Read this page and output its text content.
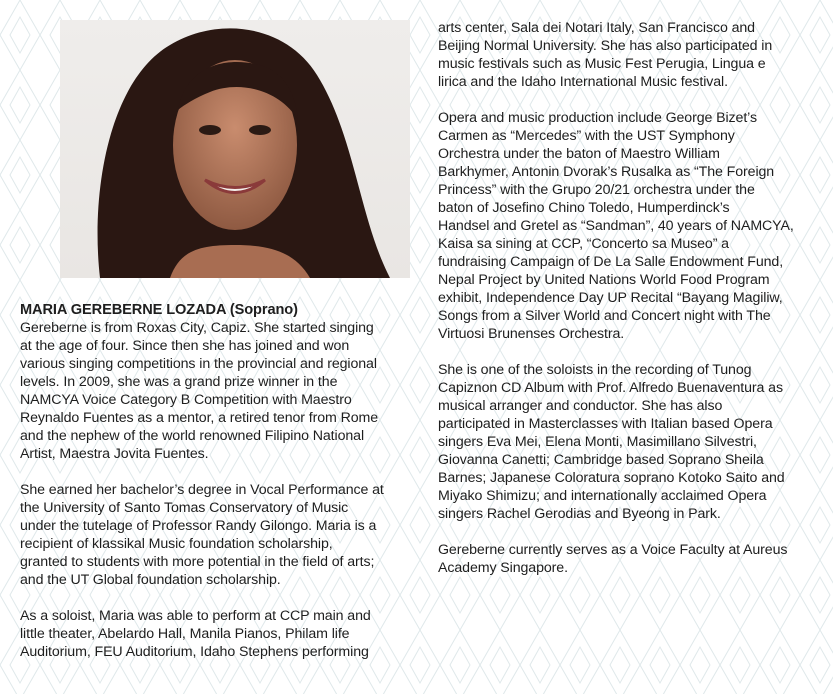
MARIA GEREBERNE LOZADA (Soprano)
Gereberne is from Roxas City, Capiz. She started singing
at the age of four. Since then she has joined and won
various singing competitions in the provincial and regional
levels. In 2009, she was a grand prize winner in the
NAMCYA Voice Category B Competition with Maestro
Reynaldo Fuentes as a mentor, a retired tenor from Rome
and the nephew of the world renowned Filipino National
Artist, Maestra Jovita Fuentes.
She earned her bachelor’s degree in Vocal Performance at
the University of Santo Tomas Conservatory of Music
under the tutelage of Professor Randy Gilongo. Maria is a
recipient of klassikal Music foundation scholarship,
granted to students with more potential in the field of arts;
and the UT Global foundation scholarship.
As a soloist, Maria was able to perform at CCP main and
little theater, Abelardo Hall, Manila Pianos, Philam life
Auditorium, FEU Auditorium, Idaho Stephens performing
arts center, Sala dei Notari Italy, San Francisco and
Beijing Normal University. She has also participated in
music festivals such as Music Fest Perugia, Lingua e
lirica and the Idaho International Music festival.
Opera and music production include George Bizet’s
Carmen as “Mercedes” with the UST Symphony
Orchestra under the baton of Maestro William
Barkhymer, Antonin Dvorak’s Rusalka as “The Foreign
Princess” with the Grupo 20/21 orchestra under the
baton of Josefino Chino Toledo, Humperdinck’s
Handsel and Gretel as “Sandman”, 40 years of NAMCYA,
Kaisa sa sining at CCP, “Concerto sa Museo” a
fundraising Campaign of De La Salle Endowment Fund,
Nepal Project by United Nations World Food Program
exhibit, Independence Day UP Recital “Bayang Magiliw,
Songs from a Silver World and Concert night with The
Virtuosi Brunenses Orchestra.
She is one of the soloists in the recording of Tunog
Capiznon CD Album with Prof. Alfredo Buenaventura as
musical arranger and conductor. She has also
participated in Masterclasses with Italian based Opera
singers Eva Mei, Elena Monti, Masimillano Silvestri,
Giovanna Canetti; Cambridge based Soprano Sheila
Barnes; Japanese Coloratura soprano Kotoko Saito and
Miyako Shimizu; and internationally acclaimed Opera
singers Rachel Gerodias and Byeong in Park.
Gereberne currently serves as a Voice Faculty at Aureus
Academy Singapore.
